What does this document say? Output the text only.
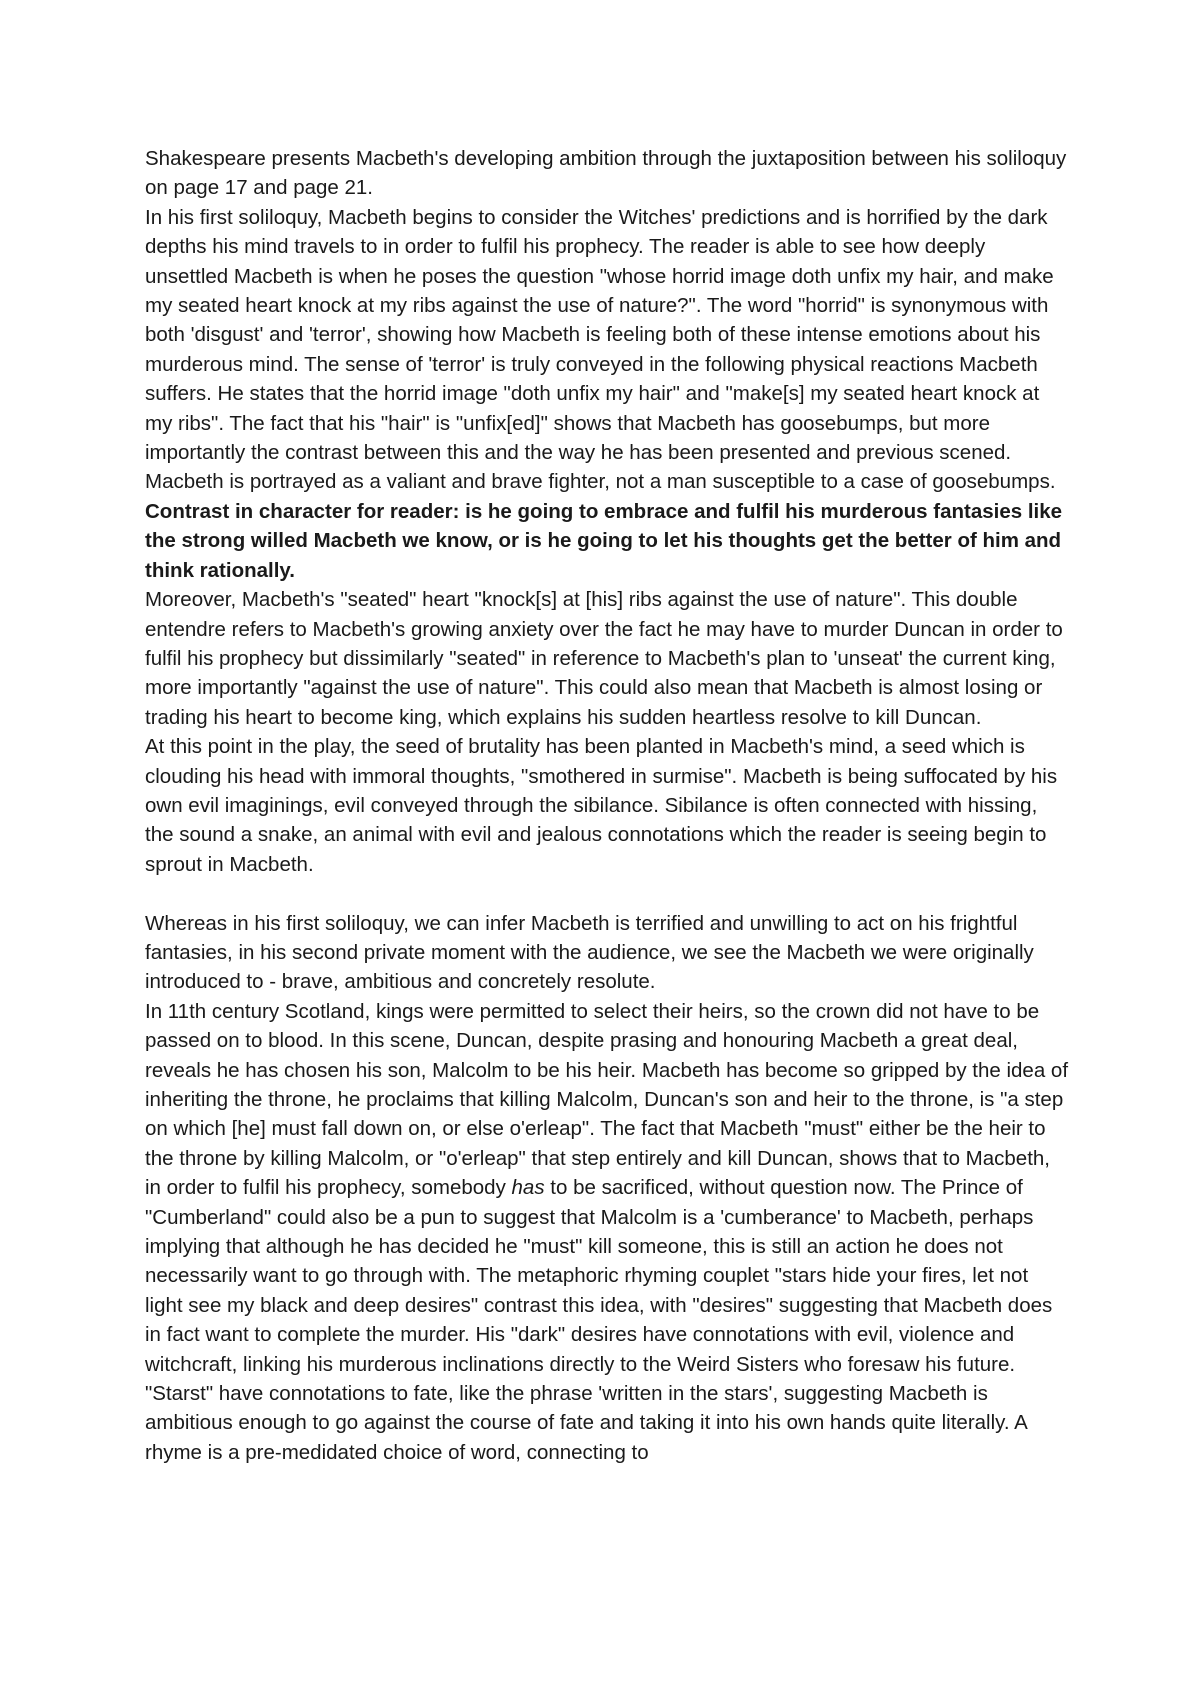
Shakespeare presents Macbeth's developing ambition through the juxtaposition between his soliloquy on page 17 and page 21.

In his first soliloquy, Macbeth begins to consider the Witches' predictions and is horrified by the dark depths his mind travels to in order to fulfil his prophecy. The reader is able to see how deeply unsettled Macbeth is when he poses the question "whose horrid image doth unfix my hair, and make my seated heart knock at my ribs against the use of nature?". The word "horrid" is synonymous with both 'disgust' and 'terror', showing how Macbeth is feeling both of these intense emotions about his murderous mind. The sense of 'terror' is truly conveyed in the following physical reactions Macbeth suffers. He states that the horrid image "doth unfix my hair" and "make[s] my seated heart knock at my ribs". The fact that his "hair" is "unfix[ed]" shows that Macbeth has goosebumps, but more importantly the contrast between this and the way he has been presented and previous scened. Macbeth is portrayed as a valiant and brave fighter, not a man susceptible to a case of goosebumps.

Contrast in character for reader: is he going to embrace and fulfil his murderous fantasies like the strong willed Macbeth we know, or is he going to let his thoughts get the better of him and think rationally.

Moreover, Macbeth's "seated" heart "knock[s] at [his] ribs against the use of nature". This double entendre refers to Macbeth's growing anxiety over the fact he may have to murder Duncan in order to fulfil his prophecy but dissimilarly "seated" in reference to Macbeth's plan to 'unseat' the current king, more importantly "against the use of nature". This could also mean that Macbeth is almost losing or trading his heart to become king, which explains his sudden heartless resolve to kill Duncan.

At this point in the play, the seed of brutality has been planted in Macbeth's mind, a seed which is clouding his head with immoral thoughts, "smothered in surmise". Macbeth is being suffocated by his own evil imaginings, evil conveyed through the sibilance. Sibilance is often connected with hissing, the sound a snake, an animal with evil and jealous connotations which the reader is seeing begin to sprout in Macbeth.

Whereas in his first soliloquy, we can infer Macbeth is terrified and unwilling to act on his frightful fantasies, in his second private moment with the audience, we see the Macbeth we were originally introduced to - brave, ambitious and concretely resolute.

In 11th century Scotland, kings were permitted to select their heirs, so the crown did not have to be passed on to blood. In this scene, Duncan, despite prasing and honouring Macbeth a great deal, reveals he has chosen his son, Malcolm to be his heir. Macbeth has become so gripped by the idea of inheriting the throne, he proclaims that killing Malcolm, Duncan's son and heir to the throne, is "a step on which [he] must fall down on, or else o'erleap". The fact that Macbeth "must" either be the heir to the throne by killing Malcolm, or "o'erleap" that step entirely and kill Duncan, shows that to Macbeth, in order to fulfil his prophecy, somebody has to be sacrificed, without question now. The Prince of "Cumberland" could also be a pun to suggest that Malcolm is a 'cumberance' to Macbeth, perhaps implying that although he has decided he "must" kill someone, this is still an action he does not necessarily want to go through with. The metaphoric rhyming couplet "stars hide your fires, let not light see my black and deep desires" contrast this idea, with "desires" suggesting that Macbeth does in fact want to complete the murder. His "dark" desires have connotations with evil, violence and witchcraft, linking his murderous inclinations directly to the Weird Sisters who foresaw his future. "Starst" have connotations to fate, like the phrase 'written in the stars', suggesting Macbeth is ambitious enough to go against the course of fate and taking it into his own hands quite literally. A rhyme is a pre-medidated choice of word, connecting to
